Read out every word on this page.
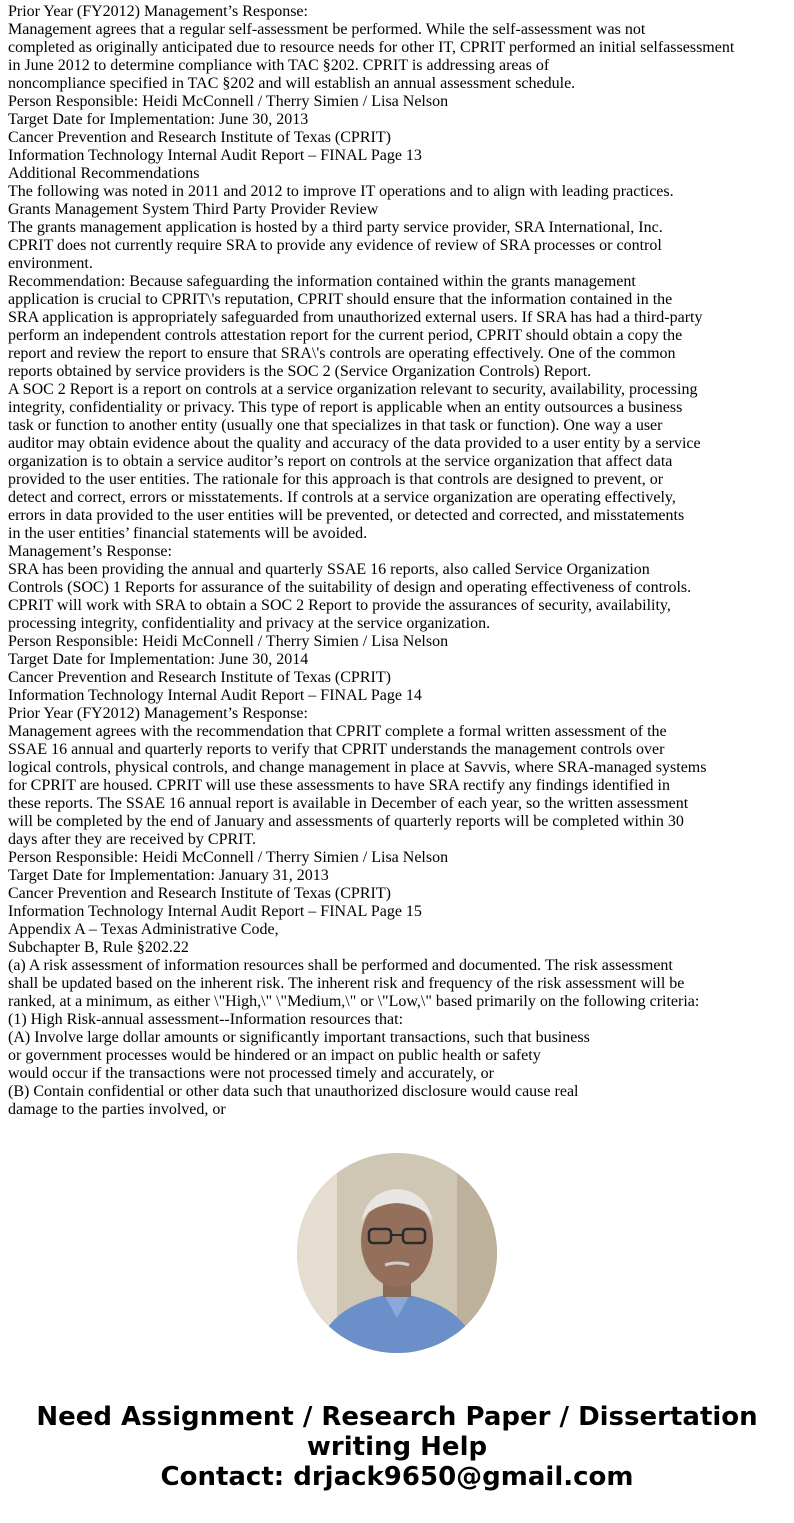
Prior Year (FY2012) Management’s Response:
Management agrees that a regular self-assessment be performed. While the self-assessment was not
completed as originally anticipated due to resource needs for other IT, CPRIT performed an initial selfassessment
in June 2012 to determine compliance with TAC §202. CPRIT is addressing areas of
noncompliance specified in TAC §202 and will establish an annual assessment schedule.
Person Responsible: Heidi McConnell / Therry Simien / Lisa Nelson
Target Date for Implementation: June 30, 2013
Cancer Prevention and Research Institute of Texas (CPRIT)
Information Technology Internal Audit Report – FINAL Page 13
Additional Recommendations
The following was noted in 2011 and 2012 to improve IT operations and to align with leading practices.
Grants Management System Third Party Provider Review
The grants management application is hosted by a third party service provider, SRA International, Inc.
CPRIT does not currently require SRA to provide any evidence of review of SRA processes or control
environment.
Recommendation: Because safeguarding the information contained within the grants management
application is crucial to CPRIT\'s reputation, CPRIT should ensure that the information contained in the
SRA application is appropriately safeguarded from unauthorized external users. If SRA has had a third-party
perform an independent controls attestation report for the current period, CPRIT should obtain a copy the
report and review the report to ensure that SRA\'s controls are operating effectively. One of the common
reports obtained by service providers is the SOC 2 (Service Organization Controls) Report.
A SOC 2 Report is a report on controls at a service organization relevant to security, availability, processing
integrity, confidentiality or privacy. This type of report is applicable when an entity outsources a business
task or function to another entity (usually one that specializes in that task or function). One way a user
auditor may obtain evidence about the quality and accuracy of the data provided to a user entity by a service
organization is to obtain a service auditor’s report on controls at the service organization that affect data
provided to the user entities. The rationale for this approach is that controls are designed to prevent, or
detect and correct, errors or misstatements. If controls at a service organization are operating effectively,
errors in data provided to the user entities will be prevented, or detected and corrected, and misstatements
in the user entities’ financial statements will be avoided.
Management’s Response:
SRA has been providing the annual and quarterly SSAE 16 reports, also called Service Organization
Controls (SOC) 1 Reports for assurance of the suitability of design and operating effectiveness of controls.
CPRIT will work with SRA to obtain a SOC 2 Report to provide the assurances of security, availability,
processing integrity, confidentiality and privacy at the service organization.
Person Responsible: Heidi McConnell / Therry Simien / Lisa Nelson
Target Date for Implementation: June 30, 2014
Cancer Prevention and Research Institute of Texas (CPRIT)
Information Technology Internal Audit Report – FINAL Page 14
Prior Year (FY2012) Management’s Response:
Management agrees with the recommendation that CPRIT complete a formal written assessment of the
SSAE 16 annual and quarterly reports to verify that CPRIT understands the management controls over
logical controls, physical controls, and change management in place at Savvis, where SRA-managed systems
for CPRIT are housed. CPRIT will use these assessments to have SRA rectify any findings identified in
these reports. The SSAE 16 annual report is available in December of each year, so the written assessment
will be completed by the end of January and assessments of quarterly reports will be completed within 30
days after they are received by CPRIT.
Person Responsible: Heidi McConnell / Therry Simien / Lisa Nelson
Target Date for Implementation: January 31, 2013
Cancer Prevention and Research Institute of Texas (CPRIT)
Information Technology Internal Audit Report – FINAL Page 15
Appendix A – Texas Administrative Code,
Subchapter B, Rule §202.22
(a) A risk assessment of information resources shall be performed and documented. The risk assessment
shall be updated based on the inherent risk. The inherent risk and frequency of the risk assessment will be
ranked, at a minimum, as either \"High,\" \"Medium,\" or \"Low,\" based primarily on the following criteria:
(1) High Risk-annual assessment--Information resources that:
(A) Involve large dollar amounts or significantly important transactions, such that business
or government processes would be hindered or an impact on public health or safety
would occur if the transactions were not processed timely and accurately, or
(B) Contain confidential or other data such that unauthorized disclosure would cause real
damage to the parties involved, or
Need Assignment / Research Paper / Dissertation
writing Help
Contact: drjack9650@gmail.com
